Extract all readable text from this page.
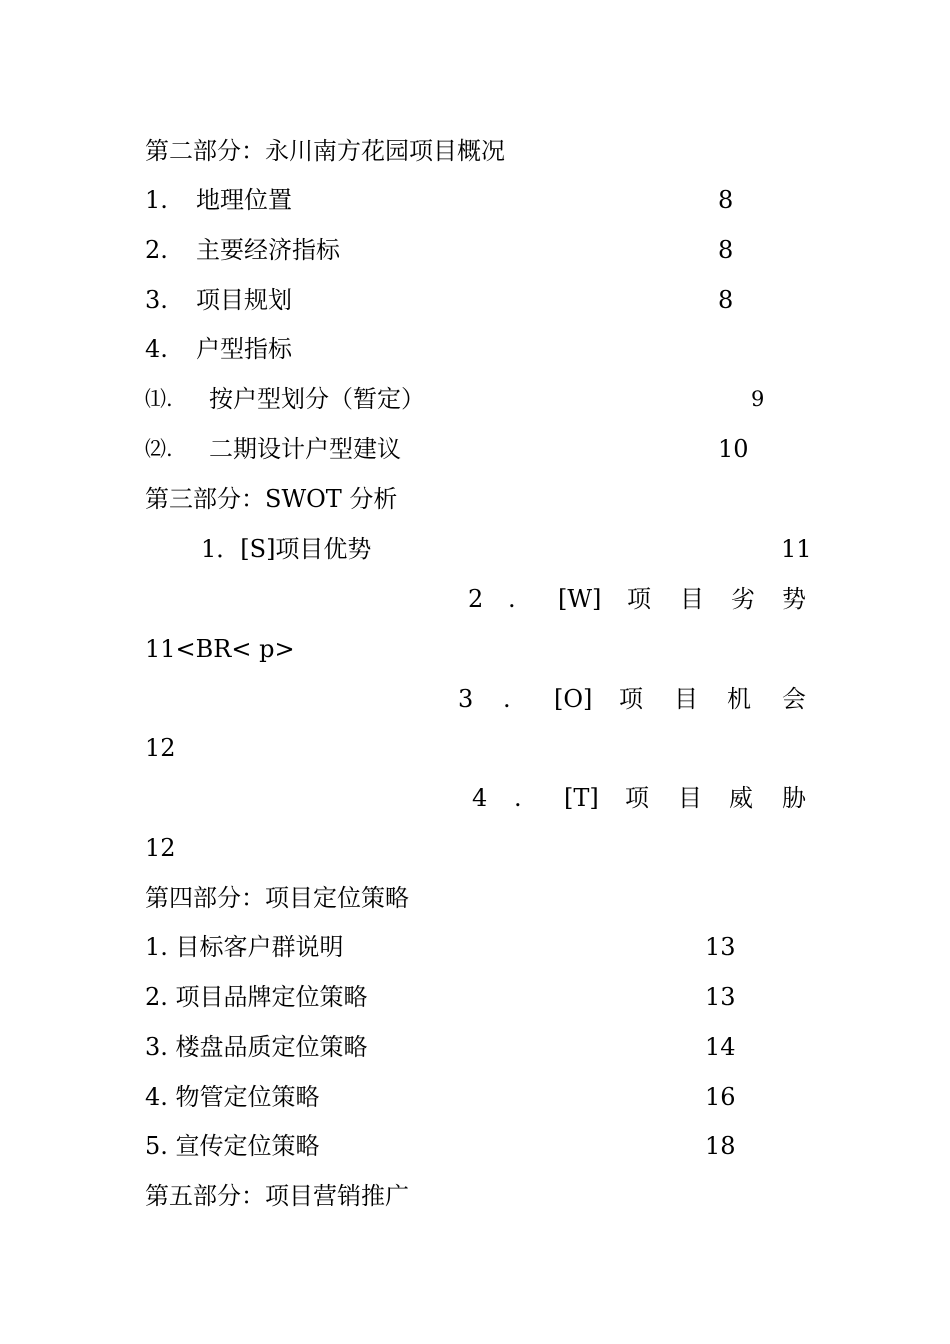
第二部分：永川南方花园项目概况
1. 地理位置	8
2. 主要经济指标	8
3. 项目规划	8
4. 户型指标
⑴. 按户型划分（暂定）	9
⑵. 二期设计户型建议	10
第三部分：SWOT 分析
1．[S]项目优势	11
2 . [W] 项 目 劣 势
11<BR< p>
3 . [O] 项 目 机 会
12
4 . [T] 项 目 威 胁
12
第四部分：项目定位策略
1. 目标客户群说明	13
2. 项目品牌定位策略	13
3. 楼盘品质定位策略	14
4. 物管定位策略	16
5. 宣传定位策略	18
第五部分：项目营销推广
